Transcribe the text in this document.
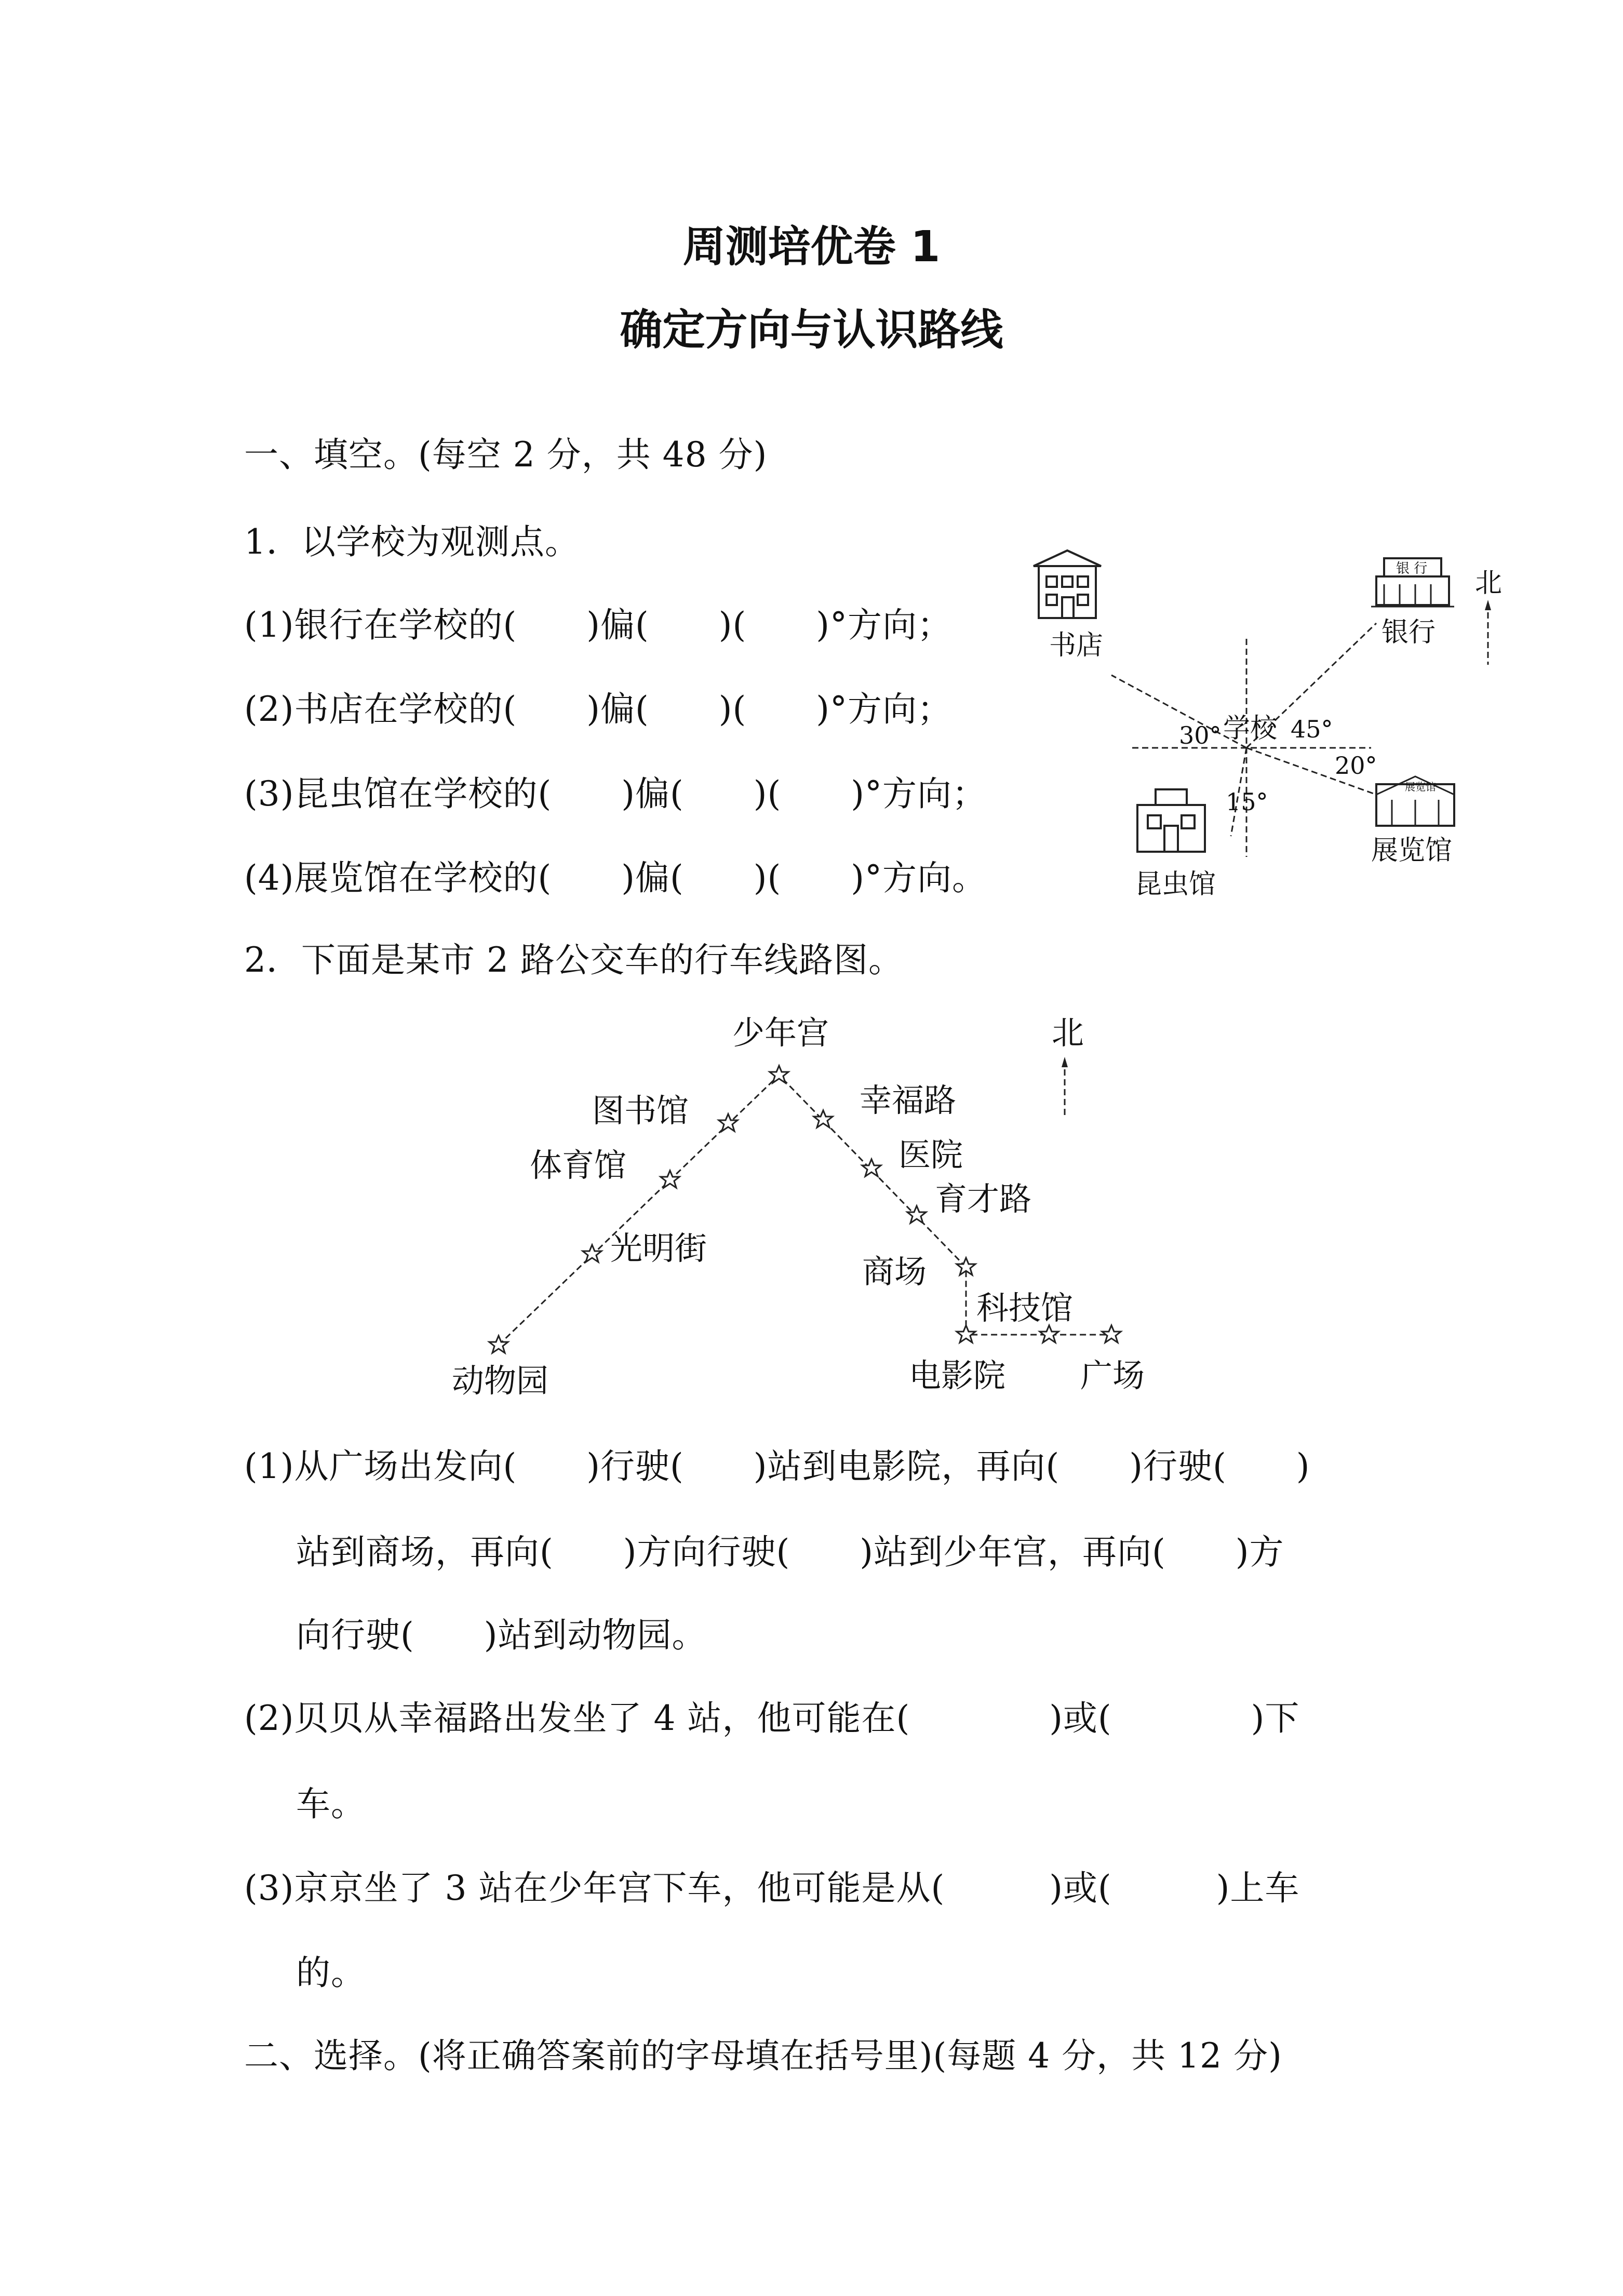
周测培优卷 1
确定方向与认识路线
一、填空。(每空 2 分，共 48 分)
1．以学校为观测点。
(1)银行在学校的(　　)偏(　　)(　　)°方向；
(2)书店在学校的(　　)偏(　　)(　　)°方向；
(3)昆虫馆在学校的(　　)偏(　　)(　　)°方向；
(4)展览馆在学校的(　　)偏(　　)(　　)°方向。
书店
银 行
银行
北
学校
30°	45°
20°
15°
展览馆
展览馆
昆虫馆
2．下面是某市 2 路公交车的行车线路图。
少年宫
图书馆
体育馆
光明街
动物园
幸福路
医院
育才路
商场
科技馆
电影院 广场
北
(1)从广场出发向(　　)行驶(　　)站到电影院，再向(　　)行驶(　　)
站到商场，再向(　　)方向行驶(　　)站到少年宫，再向(　　)方
向行驶(　　)站到动物园。
(2)贝贝从幸福路出发坐了 4 站，他可能在(　　　　)或(　　　　)下
车。
(3)京京坐了 3 站在少年宫下车，他可能是从(　　　)或(　　　)上车
的。
二、选择。(将正确答案前的字母填在括号里)(每题 4 分，共 12 分)
